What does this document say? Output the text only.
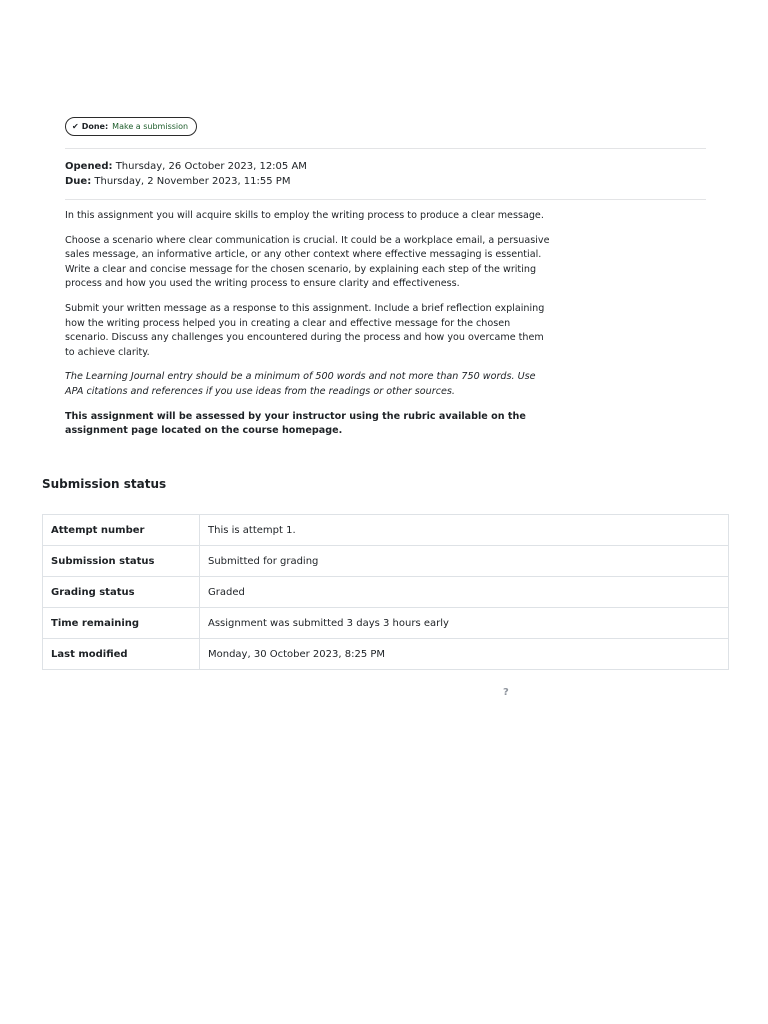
✔ Done: Make a submission
Opened: Thursday, 26 October 2023, 12:05 AM
Due: Thursday, 2 November 2023, 11:55 PM

In this assignment you will acquire skills to employ the writing process to produce a clear message.

Choose a scenario where clear communication is crucial. It could be a workplace email, a persuasive sales message, an informative article, or any other context where effective messaging is essential. Write a clear and concise message for the chosen scenario, by explaining each step of the writing process and how you used the writing process to ensure clarity and effectiveness.

Submit your written message as a response to this assignment. Include a brief reflection explaining how the writing process helped you in creating a clear and effective message for the chosen scenario. Discuss any challenges you encountered during the process and how you overcame them to achieve clarity.

The Learning Journal entry should be a minimum of 500 words and not more than 750 words. Use APA citations and references if you use ideas from the readings or other sources.

This assignment will be assessed by your instructor using the rubric available on the assignment page located on the course homepage.

Submission status
Attempt number	This is attempt 1.
Submission status	Submitted for grading
Grading status	Graded
Time remaining	Assignment was submitted 3 days 3 hours early
Last modified	Monday, 30 October 2023, 8:25 PM
?
